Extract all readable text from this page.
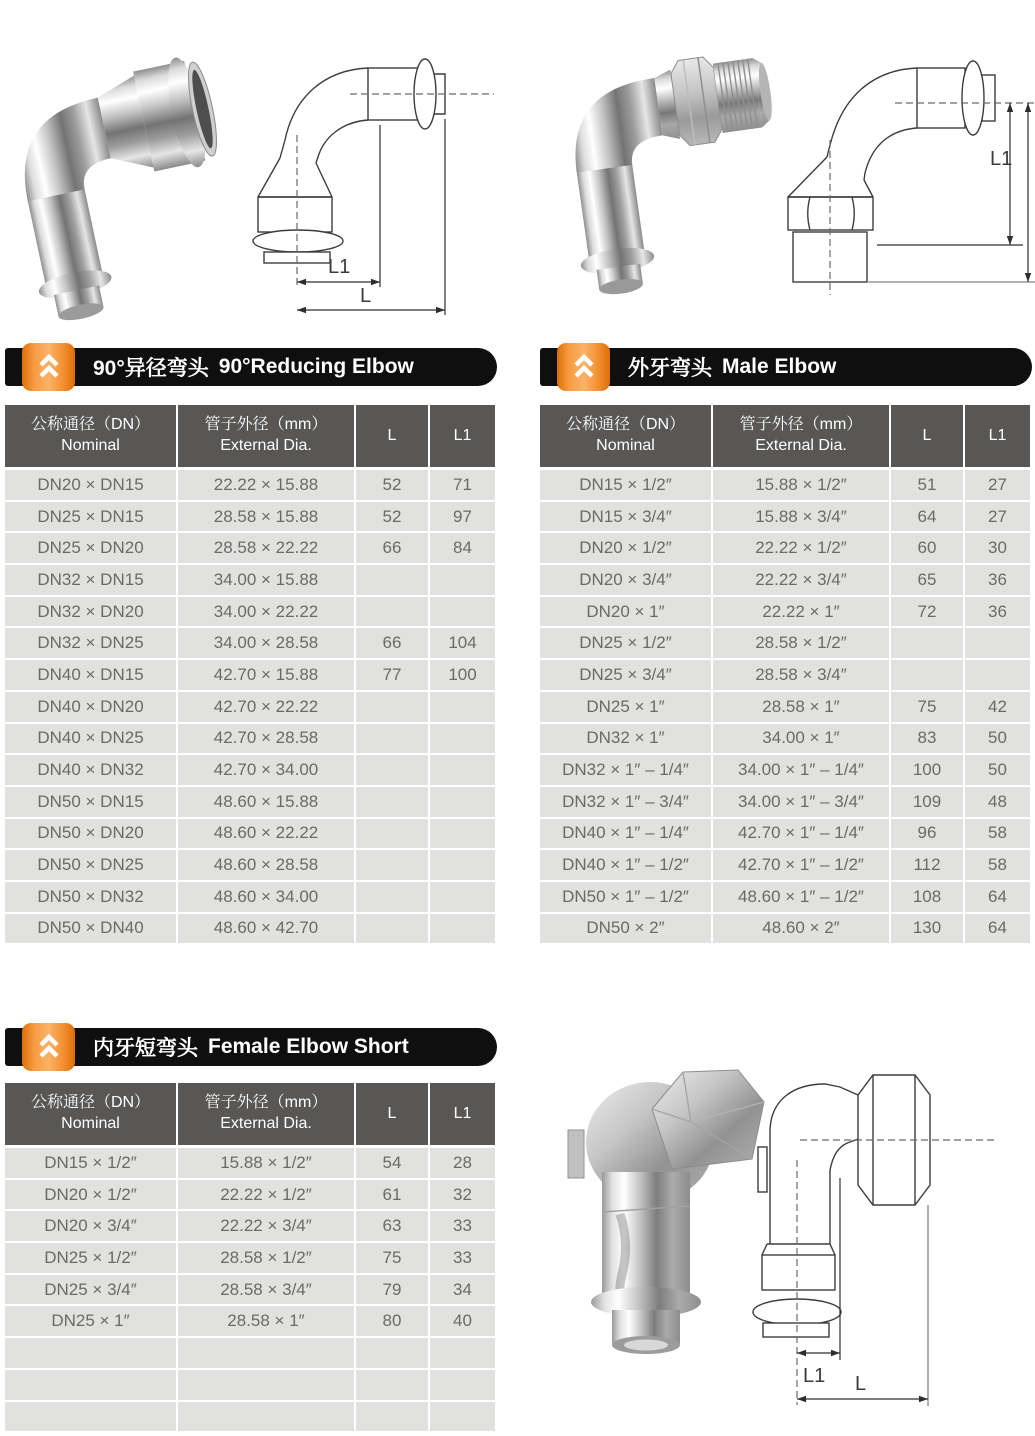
L1
L
L1
90°异径弯头 90°Reducing Elbow
公称通径（DN）
Nominal
管子外径（mm）
External Dia.
L	L1
DN20 × DN15	22.22 × 15.88	52	71
DN25 × DN15	28.58 × 15.88	52	97
DN25 × DN20	28.58 × 22.22	66	84
DN32 × DN15	34.00 × 15.88
DN32 × DN20	34.00 × 22.22
DN32 × DN25	34.00 × 28.58	66	104
DN40 × DN15	42.70 × 15.88	77	100
DN40 × DN20	42.70 × 22.22
DN40 × DN25	42.70 × 28.58
DN40 × DN32	42.70 × 34.00
DN50 × DN15	48.60 × 15.88
DN50 × DN20	48.60 × 22.22
DN50 × DN25	48.60 × 28.58
DN50 × DN32	48.60 × 34.00
DN50 × DN40	48.60 × 42.70
外牙弯头 Male Elbow
公称通径（DN）
Nominal
管子外径（mm）
External Dia.
L	L1
DN15 × 1/2″	15.88 × 1/2″	51	27
DN15 × 3/4″	15.88 × 3/4″	64	27
DN20 × 1/2″	22.22 × 1/2″	60	30
DN20 × 3/4″	22.22 × 3/4″	65	36
DN20 × 1″	22.22 × 1″	72	36
DN25 × 1/2″	28.58 × 1/2″
DN25 × 3/4″	28.58 × 3/4″
DN25 × 1″	28.58 × 1″	75	42
DN32 × 1″	34.00 × 1″	83	50
DN32 × 1″ – 1/4″	34.00 × 1″ – 1/4″	100	50
DN32 × 1″ – 3/4″	34.00 × 1″ – 3/4″	109	48
DN40 × 1″ – 1/4″	42.70 × 1″ – 1/4″	96	58
DN40 × 1″ – 1/2″	42.70 × 1″ – 1/2″	112	58
DN50 × 1″ – 1/2″	48.60 × 1″ – 1/2″	108	64
DN50 × 2″	48.60 × 2″	130	64
内牙短弯头 Female Elbow Short
公称通径（DN）
Nominal
管子外径（mm）
External Dia.
L	L1
DN15 × 1/2″	15.88 × 1/2″	54	28
DN20 × 1/2″	22.22 × 1/2″	61	32
DN20 × 3/4″	22.22 × 3/4″	63	33
DN25 × 1/2″	28.58 × 1/2″	75	33
DN25 × 3/4″	28.58 × 3/4″	79	34
DN25 × 1″	28.58 × 1″	80	40
L1 L
